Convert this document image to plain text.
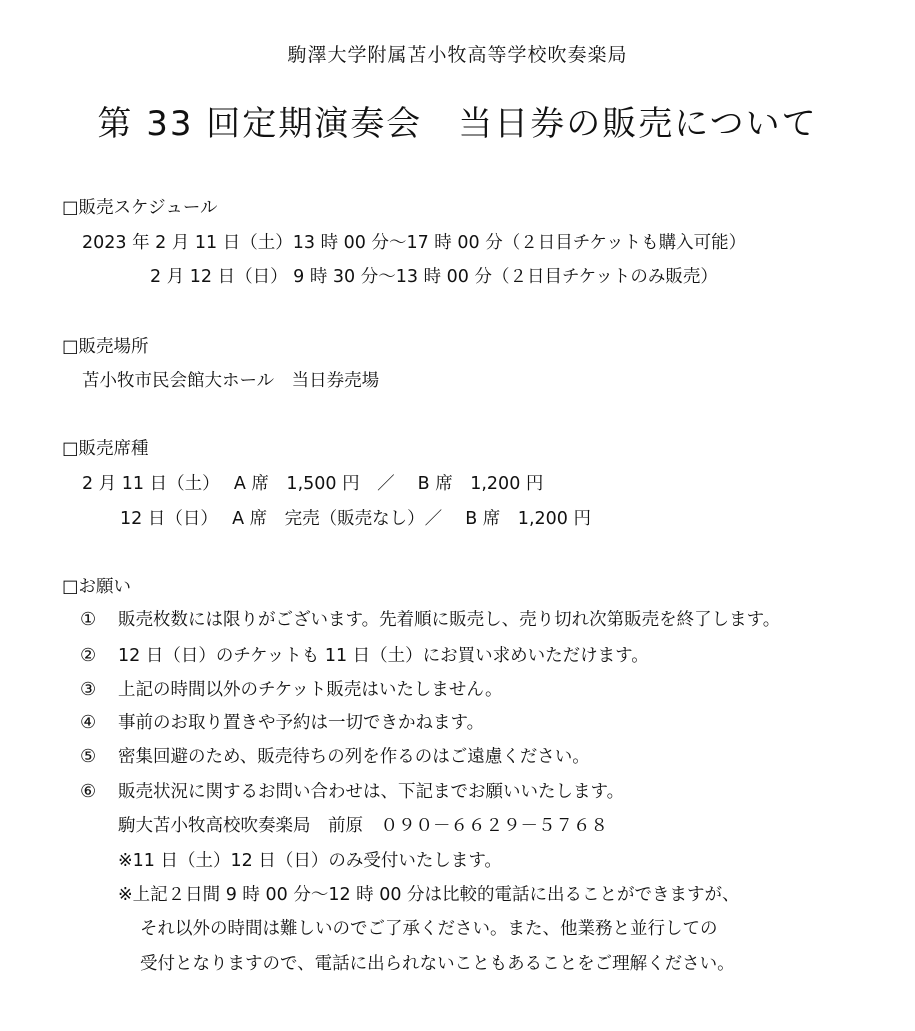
駒澤大学附属苫小牧高等学校吹奏楽局
第 33 回定期演奏会　当日券の販売について
□販売スケジュール
2023 年 2 月 11 日（土）13 時 00 分～17 時 00 分（２日目チケットも購入可能）
2 月 12 日（日） 9 時 30 分～13 時 00 分（２日目チケットのみ販売）
□販売場所
苫小牧市民会館大ホール　当日券売場
□販売席種
2 月 11 日（土）　 A 席　1,500 円　／　 B 席　1,200 円
12 日（日）　 A 席　完売（販売なし）／　 B 席　1,200 円
□お願い
① 販売枚数には限りがございます。先着順に販売し、売り切れ次第販売を終了します。
② 12 日（日）のチケットも 11 日（土）にお買い求めいただけます。
③ 上記の時間以外のチケット販売はいたしません。
④ 事前のお取り置きや予約は一切できかねます。
⑤ 密集回避のため、販売待ちの列を作るのはご遠慮ください。
⑥ 販売状況に関するお問い合わせは、下記までお願いいたします。
駒大苫小牧高校吹奏楽局　前原　０９０－６６２９－５７６８
※11 日（土）12 日（日）のみ受付いたします。
※上記２日間 9 時 00 分～12 時 00 分は比較的電話に出ることができますが、
それ以外の時間は難しいのでご了承ください。また、他業務と並行しての
受付となりますので、電話に出られないこともあることをご理解ください。
